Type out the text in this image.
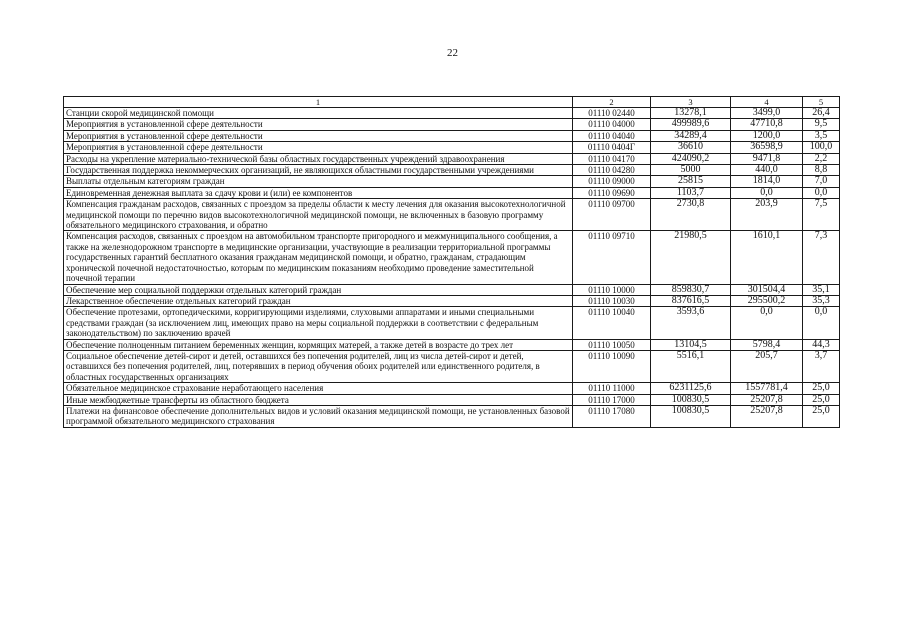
22
1	2	3	4	5
Станции скорой медицинской помощи	01110 02440	13278,1	3499,0	26,4
Мероприятия в установленной сфере деятельности	01110 04000	499989,6	47710,8	9,5
Мероприятия в установленной сфере деятельности	01110 04040	34289,4	1200,0	3,5
Мероприятия в установленной сфере деятельности	01110 0404Г	36610	36598,9	100,0
Расходы на укрепление материально-технической базы областных государственных учреждений здравоохранения	01110 04170	424090,2	9471,8	2,2
Государственная поддержка некоммерческих организаций, не являющихся областными государственными учреждениями	01110 04280	5000	440,0	8,8
Выплаты отдельным категориям граждан	01110 09000	25815	1814,0	7,0
Единовременная денежная выплата за сдачу крови и (или) ее компонентов	01110 09690	1103,7	0,0	0,0
Компенсация гражданам расходов, связанных с проездом за пределы области к месту лечения для оказания высокотехнологичной медицинской помощи по перечню видов высокотехнологичной медицинской помощи, не включенных в базовую программу обязательного медицинского страхования, и обратно	01110 09700	2730,8	203,9	7,5
Компенсация расходов, связанных с проездом на автомобильном транспорте пригородного и межмуниципального сообщения, а также на железнодорожном транспорте в медицинские организации, участвующие в реализации территориальной программы государственных гарантий бесплатного оказания гражданам медицинской помощи, и обратно, гражданам, страдающим хронической почечной недостаточностью, которым по медицинским показаниям необходимо проведение заместительной почечной терапии	01110 09710	21980,5	1610,1	7,3
Обеспечение мер социальной поддержки отдельных категорий граждан	01110 10000	859830,7	301504,4	35,1
Лекарственное обеспечение отдельных категорий граждан	01110 10030	837616,5	295500,2	35,3
Обеспечение протезами, ортопедическими, корригирующими изделиями, слуховыми аппаратами и иными специальными средствами граждан (за исключением лиц, имеющих право на меры социальной поддержки в соответствии с федеральным законодательством) по заключению врачей	01110 10040	3593,6	0,0	0,0
Обеспечение полноценным питанием беременных женщин, кормящих матерей, а также детей в возрасте до трех лет	01110 10050	13104,5	5798,4	44,3
Социальное обеспечение детей-сирот и детей, оставшихся без попечения родителей, лиц из числа детей-сирот и детей, оставшихся без попечения родителей, лиц, потерявших в период обучения обоих родителей или единственного родителя, в областных государственных организациях	01110 10090	5516,1	205,7	3,7
Обязательное медицинское страхование неработающего населения	01110 11000	6231125,6	1557781,4	25,0
Иные межбюджетные трансферты из областного бюджета	01110 17000	100830,5	25207,8	25,0
Платежи на финансовое обеспечение дополнительных видов и условий оказания медицинской помощи, не установленных базовой программой обязательного медицинского страхования	01110 17080	100830,5	25207,8	25,0
